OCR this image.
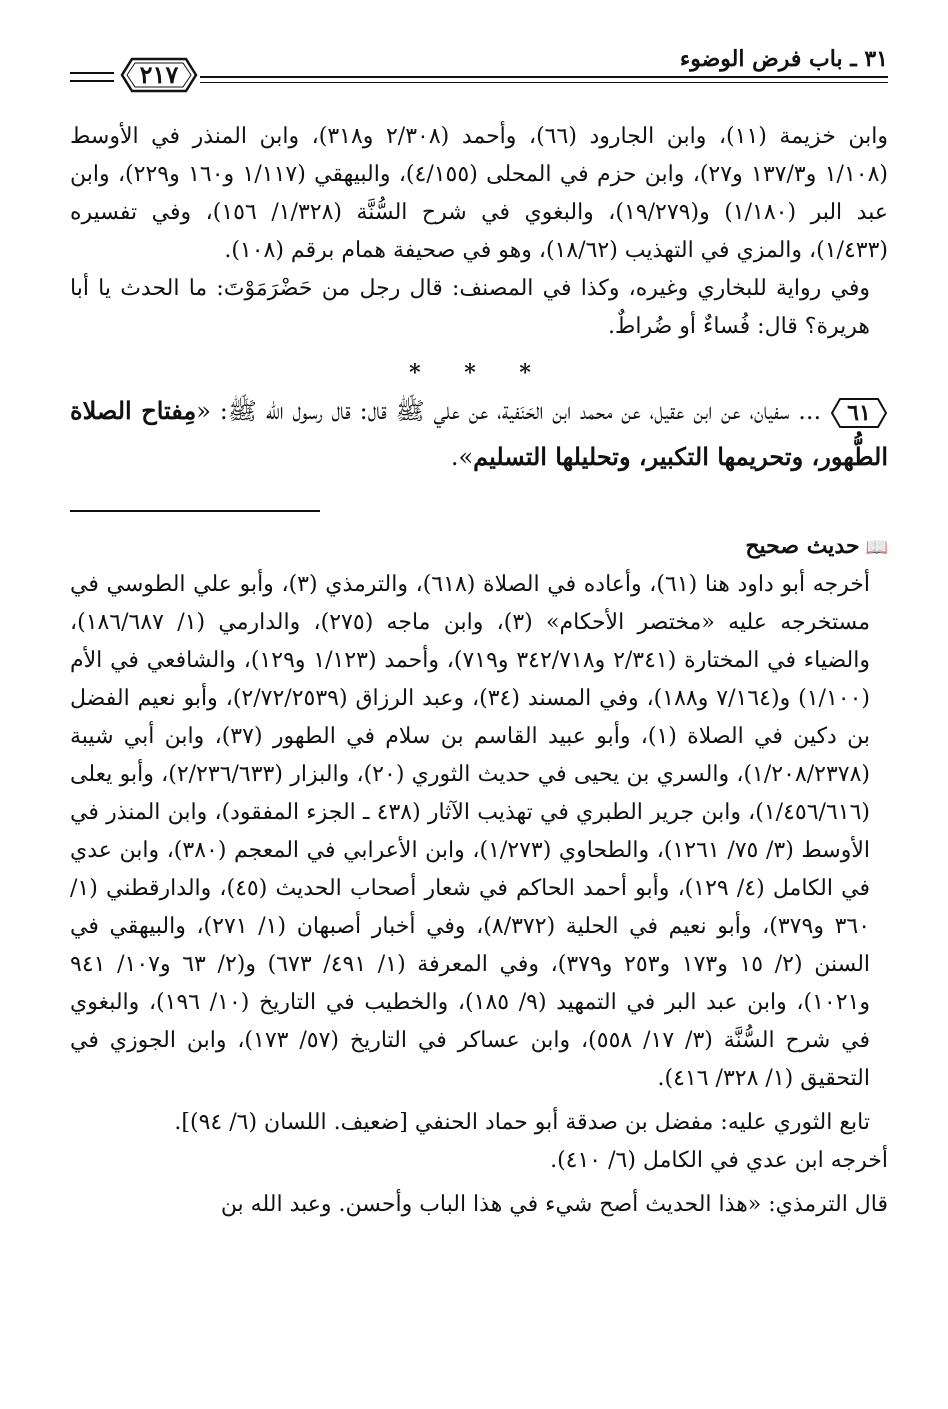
٣١ ـ باب فرض الوضوء
٢١٧

وابن خزيمة (١١)، وابن الجارود (٦٦)، وأحمد (٢/٣٠٨ و٣١٨)، وابن المنذر في الأوسط (١/١٠٨ و١٣٧/٣ و٢٧)، وابن حزم في المحلى (٤/١٥٥)، والبيهقي (١/١١٧ و١٦٠ و٢٢٩)، وابن عبد البر (١/١٨٠) و(١٩/٢٧٩)، والبغوي في شرح السُّنَّة (١/٣٢٨/ ١٥٦)، وفي تفسيره (١/٤٣٣)، والمزي في التهذيب (١٨/٦٢)، وهو في صحيفة همام برقم (١٠٨).

وفي رواية للبخاري وغيره، وكذا في المصنف: قال رجل من حَضْرَمَوْتَ: ما الحدث يا أبا هريرة؟ قال: فُساءٌ أو ضُراطٌ.

* * *

٦١ ... سفيان، عن ابن عقيل، عن محمد ابن الحَنَفية، عن علي ﷺ قال: قال رسول الله ﷺ: «مِفتاح الصلاة الطُّهور، وتحريمها التكبير، وتحليلها التسليم».

📖حديث صحيح

أخرجه أبو داود هنا (٦١)، وأعاده في الصلاة (٦١٨)، والترمذي (٣)، وأبو علي الطوسي في مستخرجه عليه «مختصر الأحكام» (٣)، وابن ماجه (٢٧٥)، والدارمي (١/ ١٨٦/٦٨٧)، والضياء في المختارة (٢/٣٤١ و٣٤٢/٧١٨ و٧١٩)، وأحمد (١/١٢٣ و١٢٩)، والشافعي في الأم (١/١٠٠) و(٧/١٦٤ و١٨٨)، وفي المسند (٣٤)، وعبد الرزاق (٢/٧٢/٢٥٣٩)، وأبو نعيم الفضل بن دكين في الصلاة (١)، وأبو عبيد القاسم بن سلام في الطهور (٣٧)، وابن أبي شيبة (١/٢٠٨/٢٣٧٨)، والسري بن يحيى في حديث الثوري (٢٠)، والبزار (٢/٢٣٦/٦٣٣)، وأبو يعلى (١/٤٥٦/٦١٦)، وابن جرير الطبري في تهذيب الآثار (٤٣٨ ـ الجزء المفقود)، وابن المنذر في الأوسط (٣/ ٧٥/ ١٢٦١)، والطحاوي (١/٢٧٣)، وابن الأعرابي في المعجم (٣٨٠)، وابن عدي في الكامل (٤/ ١٢٩)، وأبو أحمد الحاكم في شعار أصحاب الحديث (٤٥)، والدارقطني (١/ ٣٦٠ و٣٧٩)، وأبو نعيم في الحلية (٨/٣٧٢)، وفي أخبار أصبهان (١/ ٢٧١)، والبيهقي في السنن (٢/ ١٥ و١٧٣ و٢٥٣ و٣٧٩)، وفي المعرفة (١/ ٤٩١/ ٦٧٣) و(٢/ ٦٣ و١٠٧/ ٩٤١ و١٠٢١)، وابن عبد البر في التمهيد (٩/ ١٨٥)، والخطيب في التاريخ (١٠/ ١٩٦)، والبغوي في شرح السُّنَّة (٣/ ١٧/ ٥٥٨)، وابن عساكر في التاريخ (٥٧/ ١٧٣)، وابن الجوزي في التحقيق (١/ ٣٢٨/ ٤١٦).

تابع الثوري عليه: مفضل بن صدقة أبو حماد الحنفي [ضعيف. اللسان (٦/ ٩٤)].

أخرجه ابن عدي في الكامل (٦/ ٤١٠).

قال الترمذي: «هذا الحديث أصح شيء في هذا الباب وأحسن. وعبد الله بن
